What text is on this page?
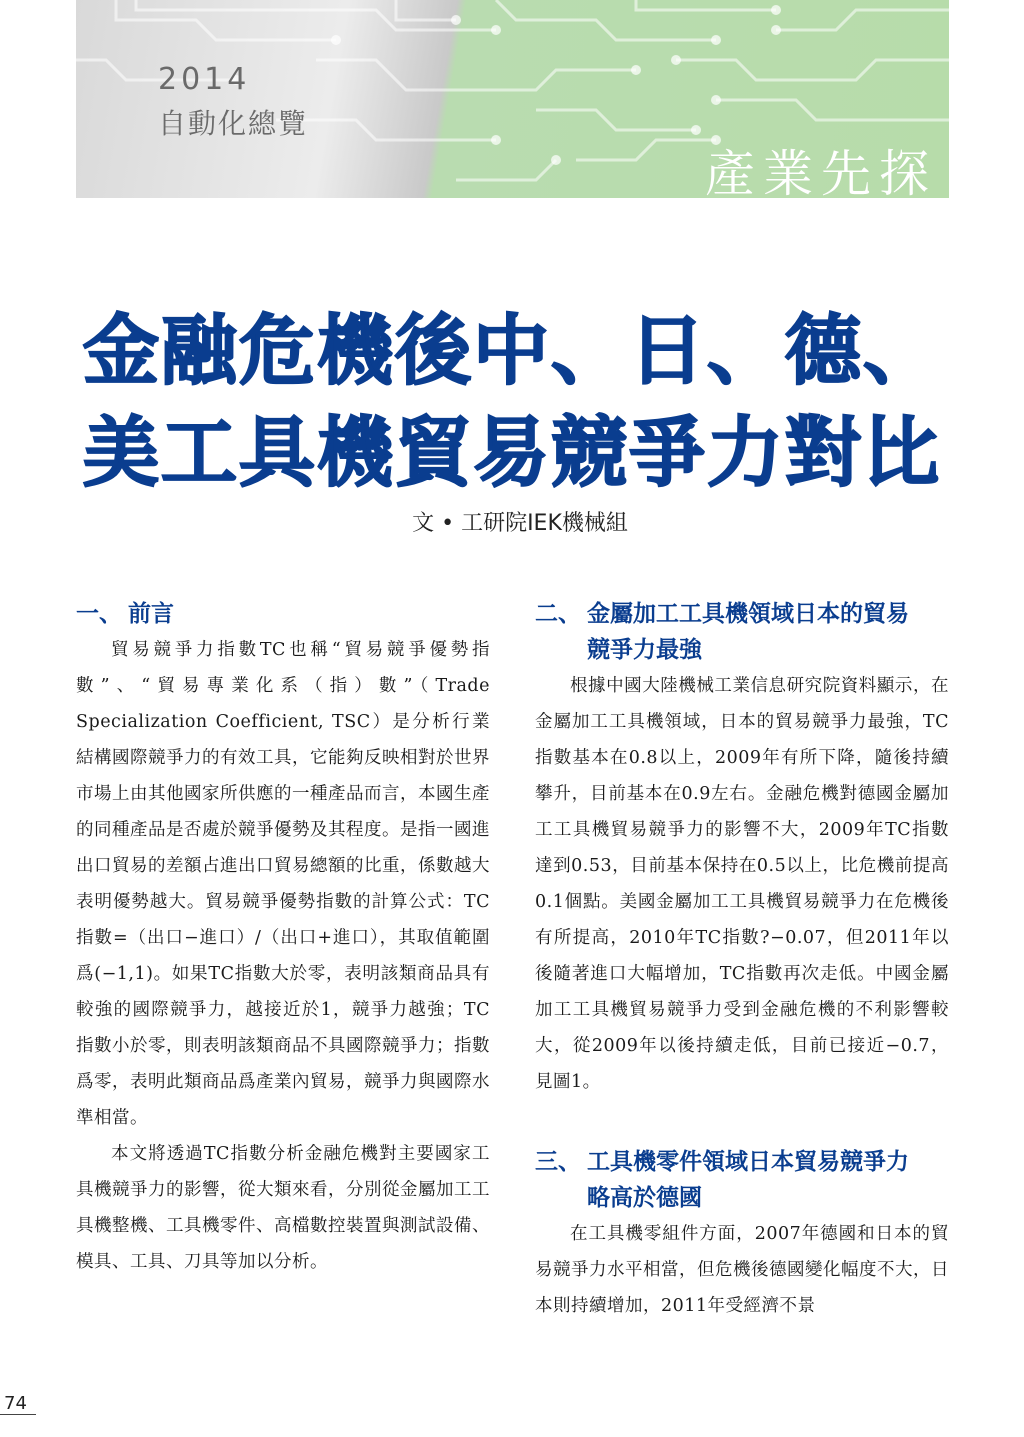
2014
自動化總覽
產業先探
金融危機後中、日、德、
美工具機貿易競爭力對比
文 • 工研院IEK機械組
一、 前言

貿易競爭力指數TC也稱“貿易競爭優勢指數”、“貿易專業化系（指）數”（Trade Specialization Coefficient, TSC）是分析行業結構國際競爭力的有效工具，它能夠反映相對於世界市場上由其他國家所供應的一種產品而言，本國生產的同種產品是否處於競爭優勢及其程度。是指一國進出口貿易的差額占進出口貿易總額的比重，係數越大表明優勢越大。貿易競爭優勢指數的計算公式：TC指數=（出口−進口）/（出口+進口），其取值範圍爲(−1,1)。如果TC指數大於零，表明該類商品具有較強的國際競爭力，越接近於1，競爭力越強；TC指數小於零，則表明該類商品不具國際競爭力；指數爲零，表明此類商品爲產業內貿易，競爭力與國際水準相當。

本文將透過TC指數分析金融危機對主要國家工具機競爭力的影響，從大類來看，分別從金屬加工工具機整機、工具機零件、高檔數控裝置與測試設備、模具、工具、刀具等加以分析。

二、 金屬加工工具機領域日本的貿易
競爭力最強

根據中國大陸機械工業信息研究院資料顯示，在金屬加工工具機領域，日本的貿易競爭力最強，TC指數基本在0.8以上，2009年有所下降，隨後持續攀升，目前基本在0.9左右。金融危機對德國金屬加工工具機貿易競爭力的影響不大，2009年TC指數達到0.53，目前基本保持在0.5以上，比危機前提高0.1個點。美國金屬加工工具機貿易競爭力在危機後有所提高，2010年TC指數?−0.07，但2011年以後隨著進口大幅增加，TC指數再次走低。中國金屬加工工具機貿易競爭力受到金融危機的不利影響較大，從2009年以後持續走低，目前已接近−0.7，見圖1。

三、 工具機零件領域日本貿易競爭力
略高於德國

在工具機零組件方面，2007年德國和日本的貿易競爭力水平相當，但危機後德國變化幅度不大，日本則持續增加，2011年受經濟不景

74
